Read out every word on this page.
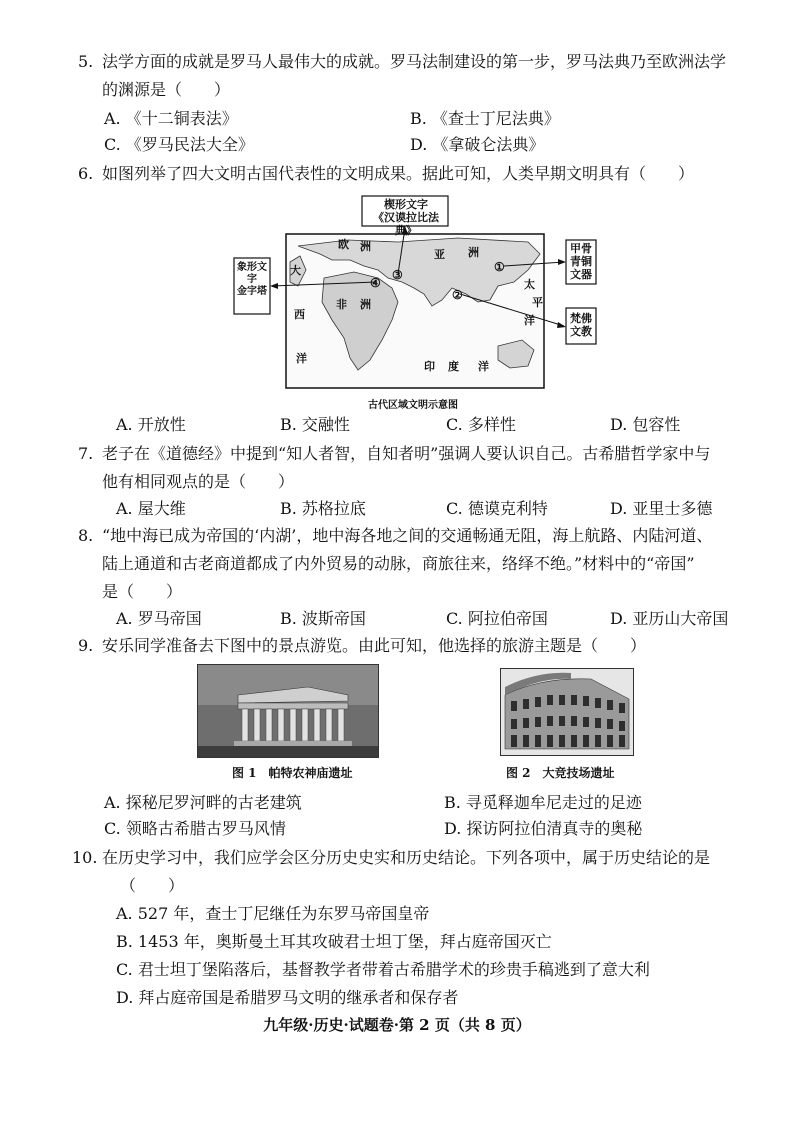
5. 法学方面的成就是罗马人最伟大的成就。罗马法制建设的第一步，罗马法典乃至欧洲法学
的渊源是（　　）
A. 《十二铜表法》	B. 《查士丁尼法典》
C. 《罗马民法大全》	D. 《拿破仑法典》
6. 如图列举了四大文明古国代表性的文明成果。据此可知，人类早期文明具有（　　）
楔形文字
《汉谟拉比法典》
甲骨
青铜
文器
象形文字
金字塔
梵佛
文教
欧 洲
亚 洲
大
西
洋
非 洲
印 度 洋
太
平
洋
①
②
③
④
古代区域文明示意图
A. 开放性	B. 交融性	C. 多样性	D. 包容性
7. 老子在《道德经》中提到“知人者智，自知者明”强调人要认识自己。古希腊哲学家中与
他有相同观点的是（　　）
A. 屋大维	B. 苏格拉底	C. 德谟克利特	D. 亚里士多德
8. “地中海已成为帝国的‘内湖’，地中海各地之间的交通畅通无阻，海上航路、内陆河道、
陆上通道和古老商道都成了内外贸易的动脉，商旅往来，络绎不绝。”材料中的“帝国”
是（　　）
A. 罗马帝国	B. 波斯帝国	C. 阿拉伯帝国	D. 亚历山大帝国
9. 安乐同学准备去下图中的景点游览。由此可知，他选择的旅游主题是（　　）
图 1　帕特农神庙遗址	图 2　大竞技场遗址
A. 探秘尼罗河畔的古老建筑	B. 寻觅释迦牟尼走过的足迹
C. 领略古希腊古罗马风情	D. 探访阿拉伯清真寺的奥秘
10. 在历史学习中，我们应学会区分历史史实和历史结论。下列各项中，属于历史结论的是
（　　）
A. 527 年，查士丁尼继任为东罗马帝国皇帝
B. 1453 年，奥斯曼土耳其攻破君士坦丁堡，拜占庭帝国灭亡
C. 君士坦丁堡陷落后，基督教学者带着古希腊学术的珍贵手稿逃到了意大利
D. 拜占庭帝国是希腊罗马文明的继承者和保存者
九年级·历史·试题卷·第 2 页（共 8 页）
